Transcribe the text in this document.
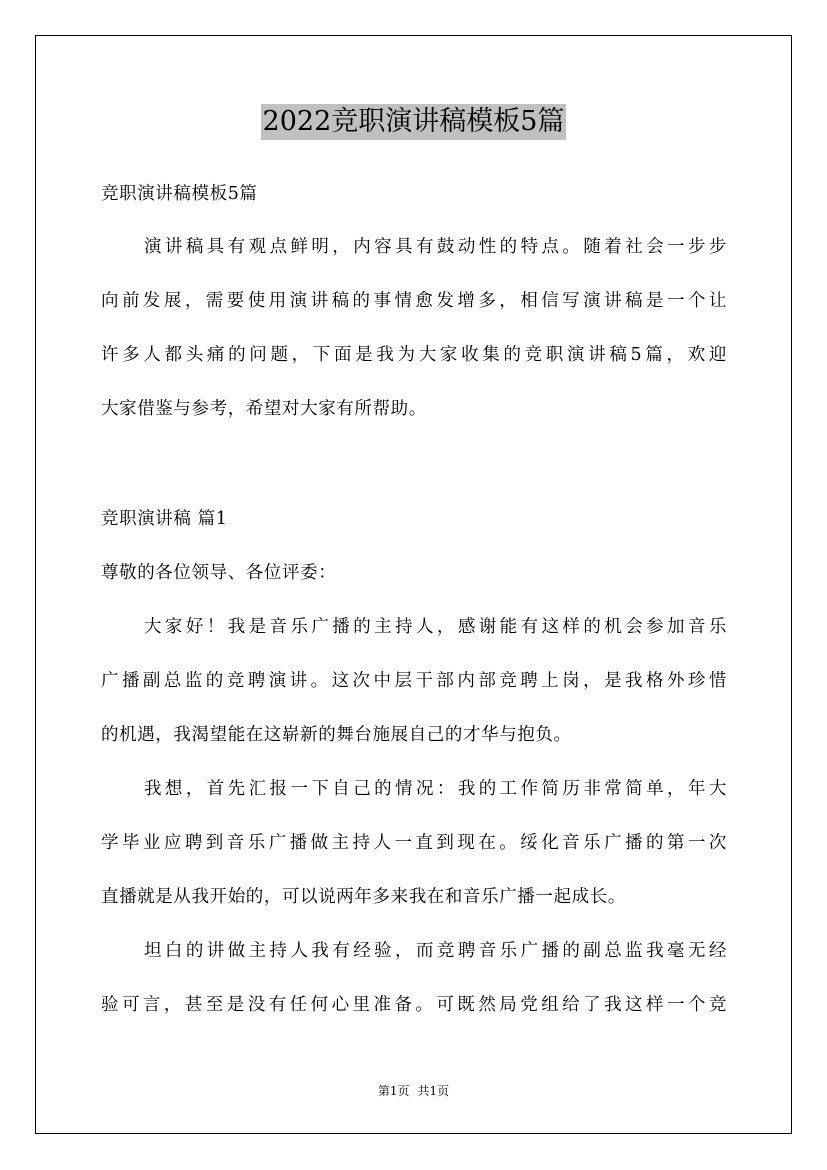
2022竞职演讲稿模板5篇
竞职演讲稿模板5篇
演讲稿具有观点鲜明，内容具有鼓动性的特点。随着社会一步步
向前发展，需要使用演讲稿的事情愈发增多，相信写演讲稿是一个让
许多人都头痛的问题，下面是我为大家收集的竞职演讲稿5篇，欢迎
大家借鉴与参考，希望对大家有所帮助。
竞职演讲稿 篇1
尊敬的各位领导、各位评委：
大家好！我是音乐广播的主持人，感谢能有这样的机会参加音乐
广播副总监的竞聘演讲。这次中层干部内部竞聘上岗，是我格外珍惜
的机遇，我渴望能在这崭新的舞台施展自己的才华与抱负。
我想，首先汇报一下自己的情况：我的工作简历非常简单，年大
学毕业应聘到音乐广播做主持人一直到现在。绥化音乐广播的第一次
直播就是从我开始的，可以说两年多来我在和音乐广播一起成长。
坦白的讲做主持人我有经验，而竞聘音乐广播的副总监我毫无经
验可言，甚至是没有任何心里准备。可既然局党组给了我这样一个竞
第1页 共1页
